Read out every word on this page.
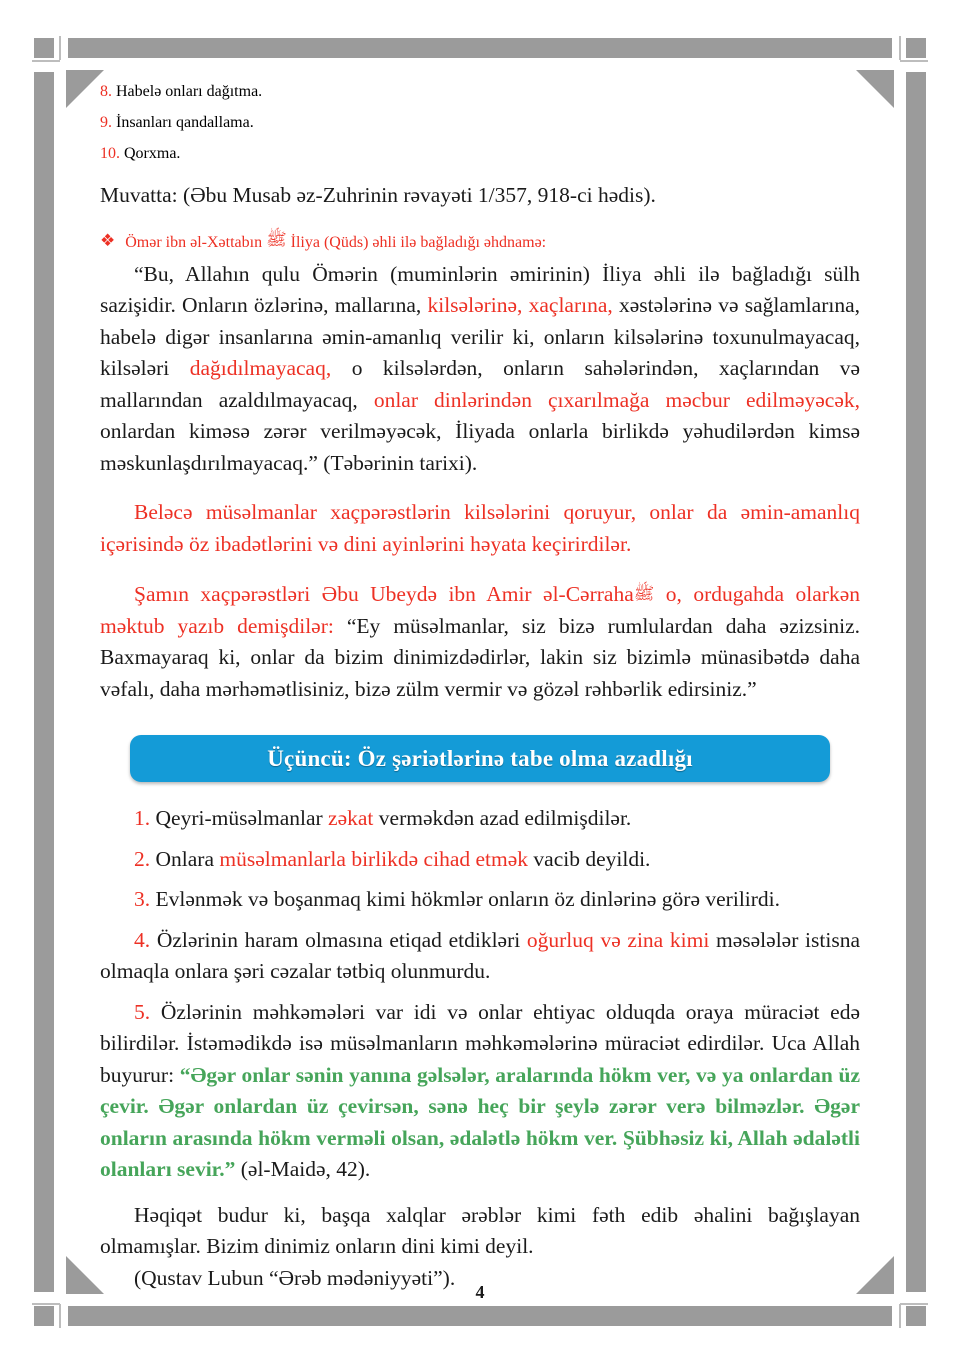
8. Habelə onları dağıtma.
9. İnsanları qandallama.
10. Qorxma.

Muvatta: (Əbu Musab əz-Zuhrinin rəvayəti 1/357, 918-ci hədis).

❖ Ömər ibn əl-Xəttabın ﷺ İliya (Qüds) əhli ilə bağladığı əhdnamə:

“Bu, Allahın qulu Ömərin (muminlərin əmirinin) İliya əhli ilə bağladığı sülh sazişidir. Onların özlərinə, mallarına, kilsələrinə, xaçlarına, xəstələrinə və sağlamlarına, habelə digər insanlarına əmin-amanlıq verilir ki, onların kilsələrinə toxunulmayacaq, kilsələri dağıdılmayacaq, o kilsələrdən, onların sahələrindən, xaçlarından və mallarından azaldılmayacaq, onlar dinlərindən çıxarılmağa məcbur edilməyəcək, onlardan kiməsə zərər verilməyəcək, İliyada onlarla birlikdə yəhudilərdən kimsə məskunlaşdırılmayacaq.” (Təbərinin tarixi).

Beləcə müsəlmanlar xaçpərəstlərin kilsələrini qoruyur, onlar da əmin-amanlıq içərisində öz ibadətlərini və dini ayinlərini həyata keçirirdilər.

Şamın xaçpərəstləri Əbu Ubeydə ibn Amir əl-Cərrahaﷺ o, ordugahda olarkən məktub yazıb demişdilər: “Ey müsəlmanlar, siz bizə rumlulardan daha əzizsiniz. Baxmayaraq ki, onlar da bizim dinimizdədirlər, lakin siz bizimlə münasibətdə daha vəfalı, daha mərhəmətlisiniz, bizə zülm vermir və gözəl rəhbərlik edirsiniz.”

Üçüncü: Öz şəriətlərinə tabe olma azadlığı

1. Qeyri-müsəlmanlar zəkat verməkdən azad edilmişdilər.

2. Onlara müsəlmanlarla birlikdə cihad etmək vacib deyildi.

3. Evlənmək və boşanmaq kimi hökmlər onların öz dinlərinə görə verilirdi.

4. Özlərinin haram olmasına etiqad etdikləri oğurluq və zina kimi məsələlər istisna olmaqla onlara şəri cəzalar tətbiq olunmurdu.

5. Özlərinin məhkəmələri var idi və onlar ehtiyac olduqda oraya müraciət edə bilirdilər. İstəmədikdə isə müsəlmanların məhkəmələrinə müraciət edirdilər. Uca Allah buyurur: “Əgər onlar sənin yanına gəlsələr, aralarında hökm ver, və ya onlardan üz çevir. Əgər onlardan üz çevirsən, sənə heç bir şeylə zərər verə bilməzlər. Əgər onların arasında hökm verməli olsan, ədalətlə hökm ver. Şübhəsiz ki, Allah ədalətli olanları sevir.” (əl-Maidə, 42).

Həqiqət budur ki, başqa xalqlar ərəblər kimi fəth edib əhalini bağışlayan olmamışlar. Bizim dinimiz onların dini kimi deyil.

(Qustav Lubun “Ərəb mədəniyyəti”).

4
